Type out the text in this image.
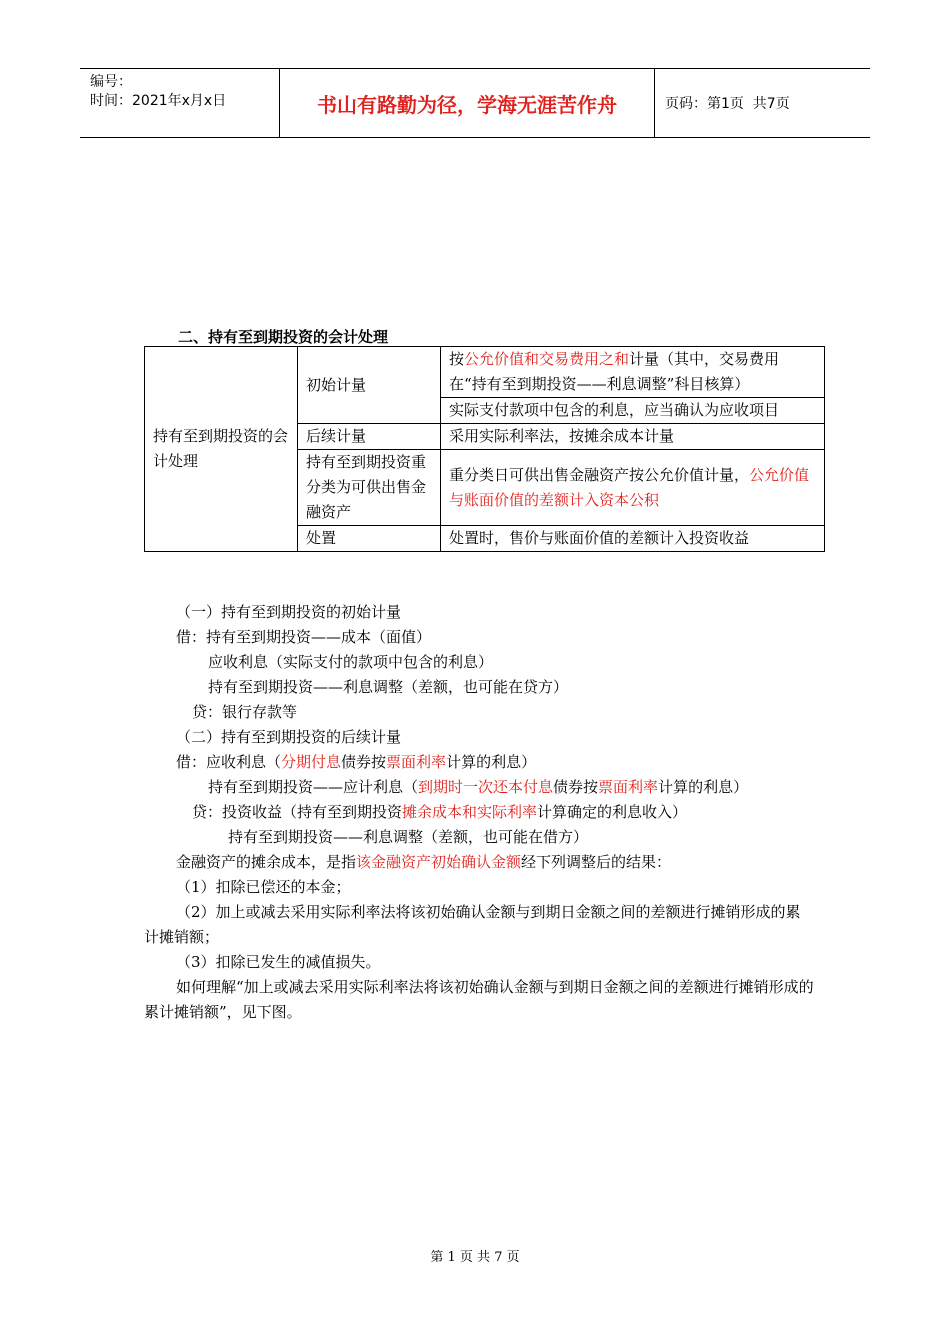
编号：
时间：2021年x月x日	书山有路勤为径，学海无涯苦作舟	页码：第1页  共7页
二、持有至到期投资的会计处理
持有至到期投资的会计处理	初始计量	按公允价值和交易费用之和计量（其中，交易费用在“持有至到期投资——利息调整”科目核算）
		实际支付款项中包含的利息，应当确认为应收项目
	后续计量	采用实际利率法，按摊余成本计量
	持有至到期投资重分类为可供出售金融资产	重分类日可供出售金融资产按公允价值计量，公允价值与账面价值的差额计入资本公积
	处置	处置时，售价与账面价值的差额计入投资收益

（一）持有至到期投资的初始计量

借：持有至到期投资——成本（面值）

应收利息（实际支付的款项中包含的利息）

持有至到期投资——利息调整（差额，也可能在贷方）

贷：银行存款等

（二）持有至到期投资的后续计量

借：应收利息（分期付息债券按票面利率计算的利息）

持有至到期投资——应计利息（到期时一次还本付息债券按票面利率计算的利息）

贷：投资收益（持有至到期投资摊余成本和实际利率计算确定的利息收入）

持有至到期投资——利息调整（差额，也可能在借方）

金融资产的摊余成本，是指该金融资产初始确认金额经下列调整后的结果：

（1）扣除已偿还的本金；

（2）加上或减去采用实际利率法将该初始确认金额与到期日金额之间的差额进行摊销形成的累计摊销额；

（3）扣除已发生的减值损失。

如何理解“加上或减去采用实际利率法将该初始确认金额与到期日金额之间的差额进行摊销形成的累计摊销额”，见下图。

第 1 页 共 7 页
